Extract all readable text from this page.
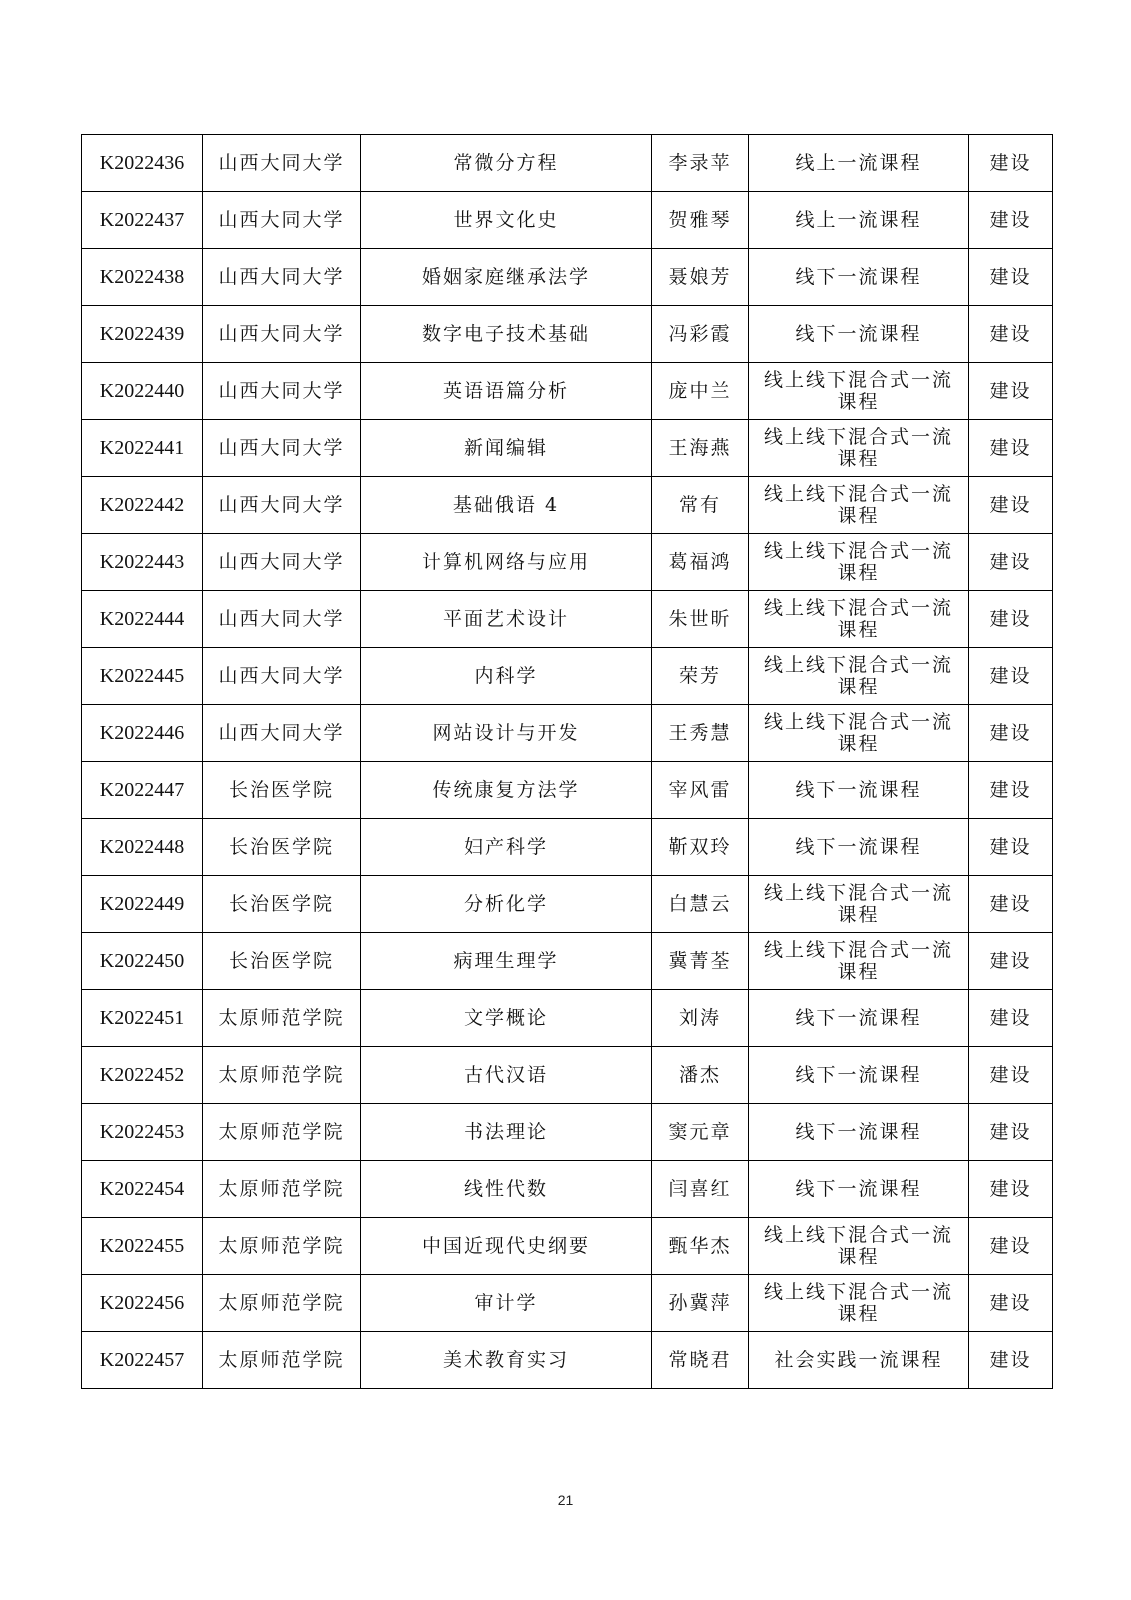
K2022436	山西大同大学	常微分方程	李录苹	线上一流课程	建设
K2022437	山西大同大学	世界文化史	贺雅琴	线上一流课程	建设
K2022438	山西大同大学	婚姻家庭继承法学	聂娘芳	线下一流课程	建设
K2022439	山西大同大学	数字电子技术基础	冯彩霞	线下一流课程	建设
K2022440	山西大同大学	英语语篇分析	庞中兰	线上线下混合式一流课程	建设
K2022441	山西大同大学	新闻编辑	王海燕	线上线下混合式一流课程	建设
K2022442	山西大同大学	基础俄语 4	常有	线上线下混合式一流课程	建设
K2022443	山西大同大学	计算机网络与应用	葛福鸿	线上线下混合式一流课程	建设
K2022444	山西大同大学	平面艺术设计	朱世昕	线上线下混合式一流课程	建设
K2022445	山西大同大学	内科学	荣芳	线上线下混合式一流课程	建设
K2022446	山西大同大学	网站设计与开发	王秀慧	线上线下混合式一流课程	建设
K2022447	长治医学院	传统康复方法学	宰风雷	线下一流课程	建设
K2022448	长治医学院	妇产科学	靳双玲	线下一流课程	建设
K2022449	长治医学院	分析化学	白慧云	线上线下混合式一流课程	建设
K2022450	长治医学院	病理生理学	冀菁荃	线上线下混合式一流课程	建设
K2022451	太原师范学院	文学概论	刘涛	线下一流课程	建设
K2022452	太原师范学院	古代汉语	潘杰	线下一流课程	建设
K2022453	太原师范学院	书法理论	窦元章	线下一流课程	建设
K2022454	太原师范学院	线性代数	闫喜红	线下一流课程	建设
K2022455	太原师范学院	中国近现代史纲要	甄华杰	线上线下混合式一流课程	建设
K2022456	太原师范学院	审计学	孙冀萍	线上线下混合式一流课程	建设
K2022457	太原师范学院	美术教育实习	常晓君	社会实践一流课程	建设
21
